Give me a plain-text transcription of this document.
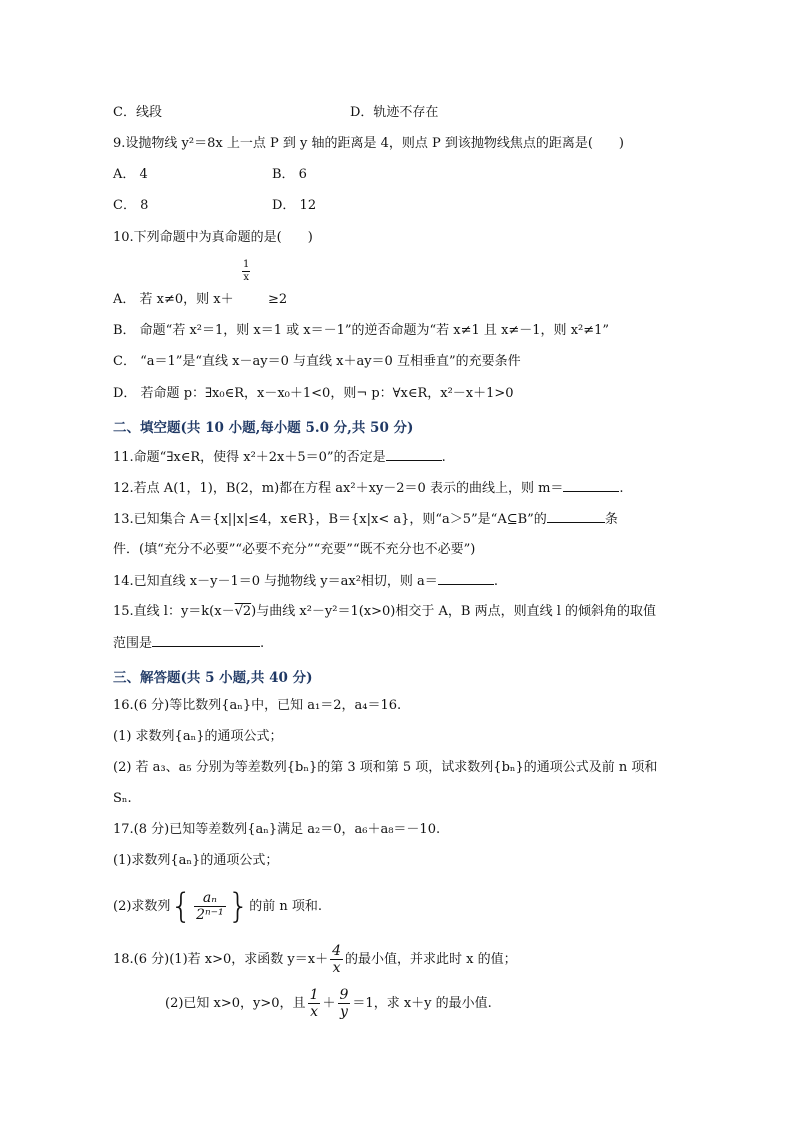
C．线段	D．轨迹不存在
9.设抛物线 y²＝8x 上一点 P 到 y 轴的距离是 4，则点 P 到该抛物线焦点的距离是(　　)
A． 4	B． 6
C． 8	D． 12
10.下列命题中为真命题的是(　　)
$\frac{1}{x}$
A． 若 x≠0，则 x＋	≥2
B． 命题“若 x²＝1，则 x＝1 或 x＝－1”的逆否命题为“若 x≠1 且 x≠－1，则 x²≠1”
C． “a＝1”是“直线 x－ay＝0 与直线 x＋ay＝0 互相垂直”的充要条件
D． 若命题 p：∃x₀∈R，x－x₀＋1<0，则¬ p：∀x∈R，x²－x＋1>0
二、填空题(共 10 小题,每小题 5.0 分,共 50 分)
11.命题“∃x∈R，使得 x²＋2x＋5＝0”的否定是	.
12.若点 A(1，1)，B(2，m)都在方程 ax²＋xy－2＝0 表示的曲线上，则 m＝	.
13.已知集合 A＝{x||x|≤4，x∈R}，B＝{x|x< a}，则“a＞5”是“A⊆B”的	条
件．(填“充分不必要”“必要不充分”“充要”“既不充分也不必要”)
14.已知直线 x－y－1＝0 与抛物线 y＝ax²相切，则 a＝	.
15.直线 l：y＝k(x－√2)与曲线 x²－y²＝1(x>0)相交于 A，B 两点，则直线 l 的倾斜角的取值
范围是	.
三、解答题(共 5 小题,共 40 分)
16.(6 分)等比数列{aₙ}中，已知 a₁＝2，a₄＝16.
(1) 求数列{aₙ}的通项公式；
(2) 若 a₃、a₅ 分别为等差数列{bₙ}的第 3 项和第 5 项，试求数列{bₙ}的通项公式及前 n 项和
Sₙ.
17.(8 分)已知等差数列{aₙ}满足 a₂＝0，a₆＋a₈＝－10.
(1)求数列{aₙ}的通项公式；
(2)求数列{ $\frac{\text{aₙ}}{\text{2ⁿ⁻¹}}$ }的前 n 项和.
18.(6 分)(1)若 x>0，求函数 $y=x+ \frac{4}{x}$ 的最小值，并求此时 x 的值；
(2)已知 x>0，y>0，且 $\frac{1}{x} + \frac{9}{y} =1$，求 x＋y 的最小值.
